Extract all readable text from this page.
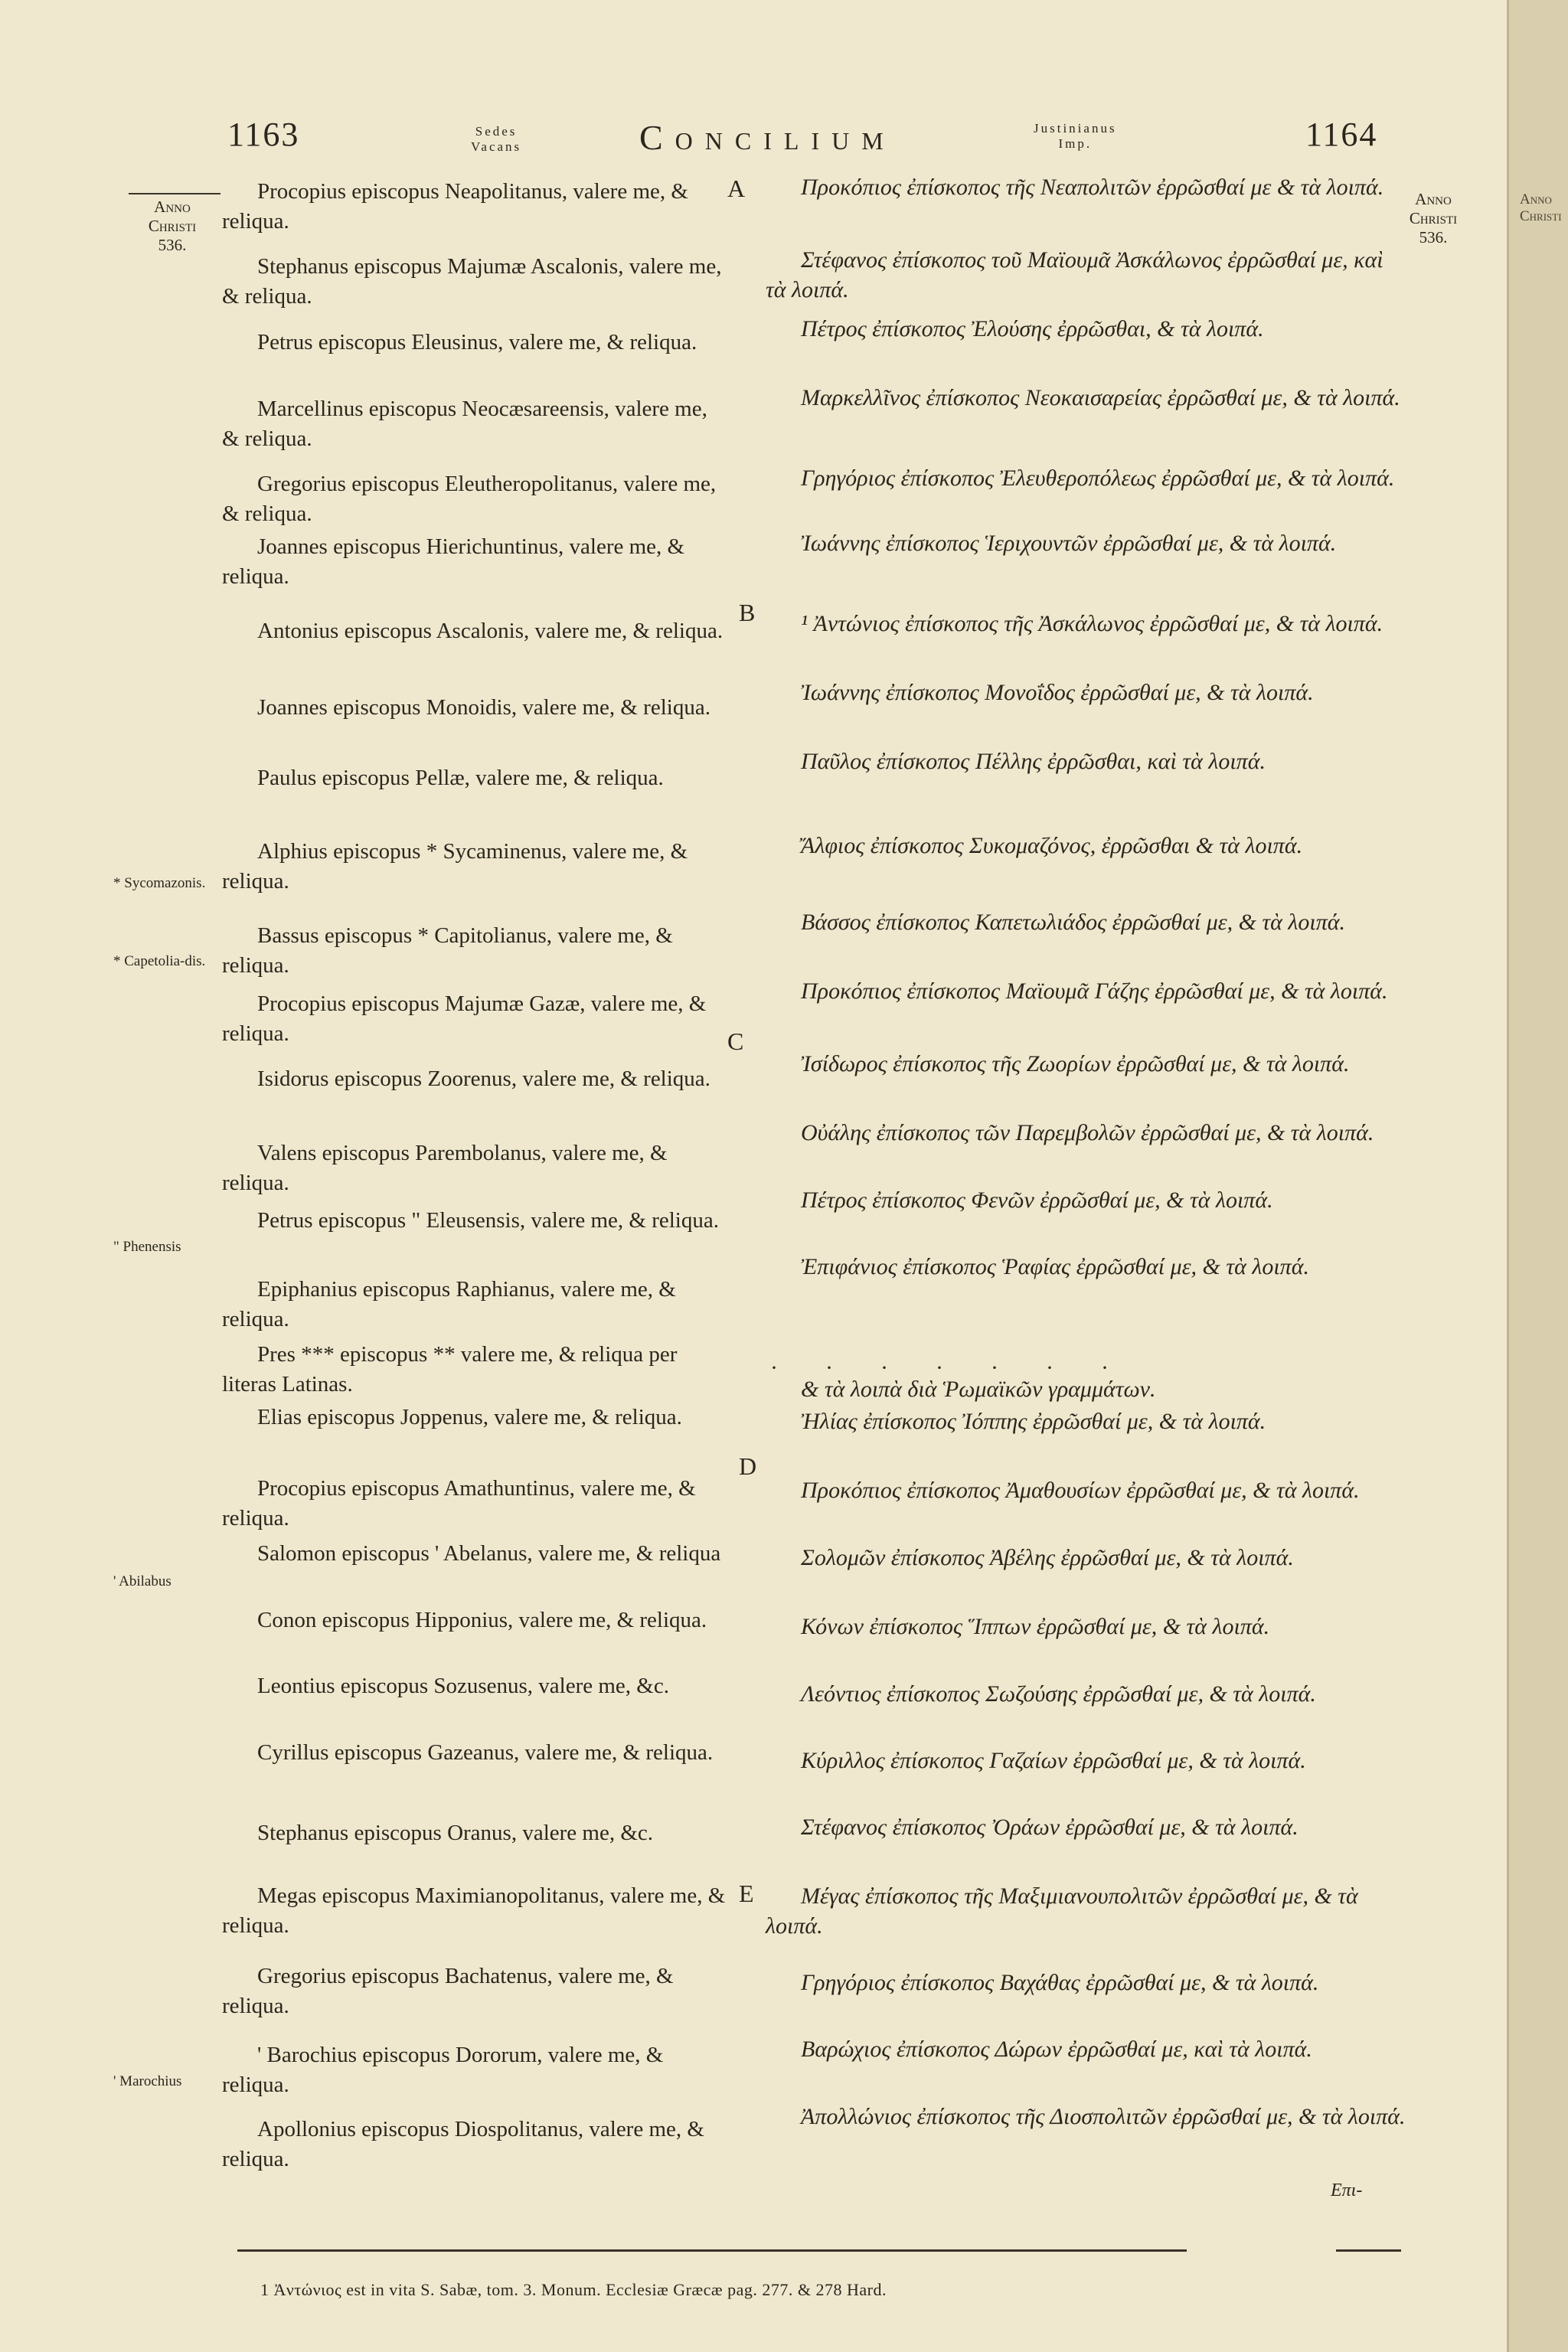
1163	Sedes
Vacans	Concilium	Justinianus
Imp.	1164
Anno
Christi
536.
Anno
Christi
536.
* Sycomazonis.
* Capetolia-dis.
" Phenensis
' Abilabus
' Marochius
A
B
C
D
E
Procopius episcopus Neapolitanus, valere me, & reliqua.
Stephanus episcopus Majumæ Ascalonis, valere me, & reliqua.
Petrus episcopus Eleusinus, valere me, & reliqua.
Marcellinus episcopus Neocæsareensis, valere me, & reliqua.
Gregorius episcopus Eleutheropolitanus, valere me, & reliqua.
Joannes episcopus Hierichuntinus, valere me, & reliqua.
Antonius episcopus Ascalonis, valere me, & reliqua.
Joannes episcopus Monoidis, valere me, & reliqua.
Paulus episcopus Pellæ, valere me, & reliqua.
Alphius episcopus * Sycaminenus, valere me, & reliqua.
Bassus episcopus * Capitolianus, valere me, & reliqua.
Procopius episcopus Majumæ Gazæ, valere me, & reliqua.
Isidorus episcopus Zoorenus, valere me, & reliqua.
Valens episcopus Parembolanus, valere me, & reliqua.
Petrus episcopus " Eleusensis, valere me, & reliqua.
Epiphanius episcopus Raphianus, valere me, & reliqua.
Pres *** episcopus ** valere me, & reliqua per literas Latinas.
Elias episcopus Joppenus, valere me, & reliqua.
Procopius episcopus Amathuntinus, valere me, & reliqua.
Salomon episcopus ' Abelanus, valere me, & reliqua
Conon episcopus Hipponius, valere me, & reliqua.
Leontius episcopus Sozusenus, valere me, &c.
Cyrillus episcopus Gazeanus, valere me, & reliqua.
Stephanus episcopus Oranus, valere me, &c.
Megas episcopus Maximianopolitanus, valere me, & reliqua.
Gregorius episcopus Bachatenus, valere me, & reliqua.
' Barochius episcopus Dororum, valere me, & reliqua.
Apollonius episcopus Diospolitanus, valere me, & reliqua.
Προκόπιος ἐπίσκοπος τῆς Νεαπολιτῶν ἐρρῶσθαί με & τὰ λοιπά.
Στέφανος ἐπίσκοπος τοῦ Μαϊουμᾶ Ἀσκάλωνος ἐρρῶσθαί με, καὶ τὰ λοιπά.
Πέτρος ἐπίσκοπος Ἐλούσης ἐρρῶσθαι, & τὰ λοιπά.
Μαρκελλῖνος ἐπίσκοπος Νεοκαισαρείας ἐρρῶσθαί με, & τὰ λοιπά.
Γρηγόριος ἐπίσκοπος Ἐλευθεροπόλεως ἐρρῶσθαί με, & τὰ λοιπά.
Ἰωάννης ἐπίσκοπος Ἱεριχουντῶν ἐρρῶσθαί με, & τὰ λοιπά.
¹ Ἀντώνιος ἐπίσκοπος τῆς Ἀσκάλωνος ἐρρῶσθαί με, & τὰ λοιπά.
Ἰωάννης ἐπίσκοπος Μονοΐδος ἐρρῶσθαί με, & τὰ λοιπά.
Παῦλος ἐπίσκοπος Πέλλης ἐρρῶσθαι, καὶ τὰ λοιπά.
Ἄλφιος ἐπίσκοπος Συκομαζόνος, ἐρρῶσθαι & τὰ λοιπά.
Βάσσος ἐπίσκοπος Καπετωλιάδος ἐρρῶσθαί με, & τὰ λοιπά.
Προκόπιος ἐπίσκοπος Μαϊουμᾶ Γάζης ἐρρῶσθαί με, & τὰ λοιπά.
Ἰσίδωρος ἐπίσκοπος τῆς Ζωορίων ἐρρῶσθαί με, & τὰ λοιπά.
Οὐάλης ἐπίσκοπος τῶν Παρεμβολῶν ἐρρῶσθαί με, & τὰ λοιπά.
Πέτρος ἐπίσκοπος Φενῶν ἐρρῶσθαί με, & τὰ λοιπά.
Ἐπιφάνιος ἐπίσκοπος Ῥαφίας ἐρρῶσθαί με, & τὰ λοιπά.
& τὰ λοιπὰ διὰ Ῥωμαϊκῶν γραμμάτων.
Ἠλίας ἐπίσκοπος Ἰόππης ἐρρῶσθαί με, & τὰ λοιπά.
Προκόπιος ἐπίσκοπος Ἀμαθουσίων ἐρρῶσθαί με, & τὰ λοιπά.
Σολομῶν ἐπίσκοπος Ἀβέλης ἐρρῶσθαί με, & τὰ λοιπά.
Κόνων ἐπίσκοπος Ἵππων ἐρρῶσθαί με, & τὰ λοιπά.
Λεόντιος ἐπίσκοπος Σωζούσης ἐρρῶσθαί με, & τὰ λοιπά.
Κύριλλος ἐπίσκοπος Γαζαίων ἐρρῶσθαί με, & τὰ λοιπά.
Στέφανος ἐπίσκοπος Ὀράων ἐρρῶσθαί με, & τὰ λοιπά.
Μέγας ἐπίσκοπος τῆς Μαξιμιανουπολιτῶν ἐρρῶσθαί με, & τὰ λοιπά.
Γρηγόριος ἐπίσκοπος Βαχάθας ἐρρῶσθαί με, & τὰ λοιπά.
Βαρώχιος ἐπίσκοπος Δώρων ἐρρῶσθαί με, καὶ τὰ λοιπά.
Ἀπολλώνιος ἐπίσκοπος τῆς Διοσπολιτῶν ἐρρῶσθαί με, & τὰ λοιπά.
·······
Επι-
1 Ἀντώνιος est in vita S. Sabæ, tom. 3. Monum. Ecclesiæ Græcæ pag. 277. & 278 Hard.
Anno
Christi
